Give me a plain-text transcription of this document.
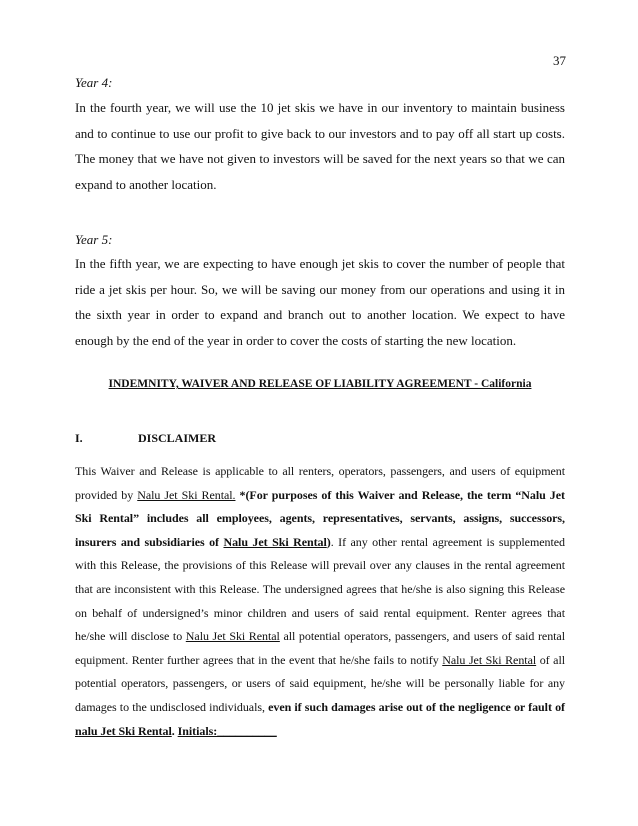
37
Year 4:

In the fourth year, we will use the 10 jet skis we have in our inventory to maintain business and to continue to use our profit to give back to our investors and to pay off all start up costs. The money that we have not given to investors will be saved for the next years so that we can expand to another location.

Year 5:

In the fifth year, we are expecting to have enough jet skis to cover the number of people that ride a jet skis per hour. So, we will be saving our money from our operations and using it in the sixth year in order to expand and branch out to another location. We expect to have enough by the end of the year in order to cover the costs of starting the new location.

INDEMNITY, WAIVER AND RELEASE OF LIABILITY AGREEMENT - California
I.	DISCLAIMER

This Waiver and Release is applicable to all renters, operators, passengers, and users of equipment provided by Nalu Jet Ski Rental. *(For purposes of this Waiver and Release, the term “Nalu Jet Ski Rental” includes all employees, agents, representatives, servants, assigns, successors, insurers and subsidiaries of Nalu Jet Ski Rental). If any other rental agreement is supplemented with this Release, the provisions of this Release will prevail over any clauses in the rental agreement that are inconsistent with this Release. The undersigned agrees that he/she is also signing this Release on behalf of undersigned’s minor children and users of said rental equipment. Renter agrees that he/she will disclose to Nalu Jet Ski Rental all potential operators, passengers, and users of said rental equipment. Renter further agrees that in the event that he/she fails to notify Nalu Jet Ski Rental of all potential operators, passengers, or users of said equipment, he/she will be personally liable for any damages to the undisclosed individuals, even if such damages arise out of the negligence or fault of nalu Jet Ski Rental. Initials:__________
